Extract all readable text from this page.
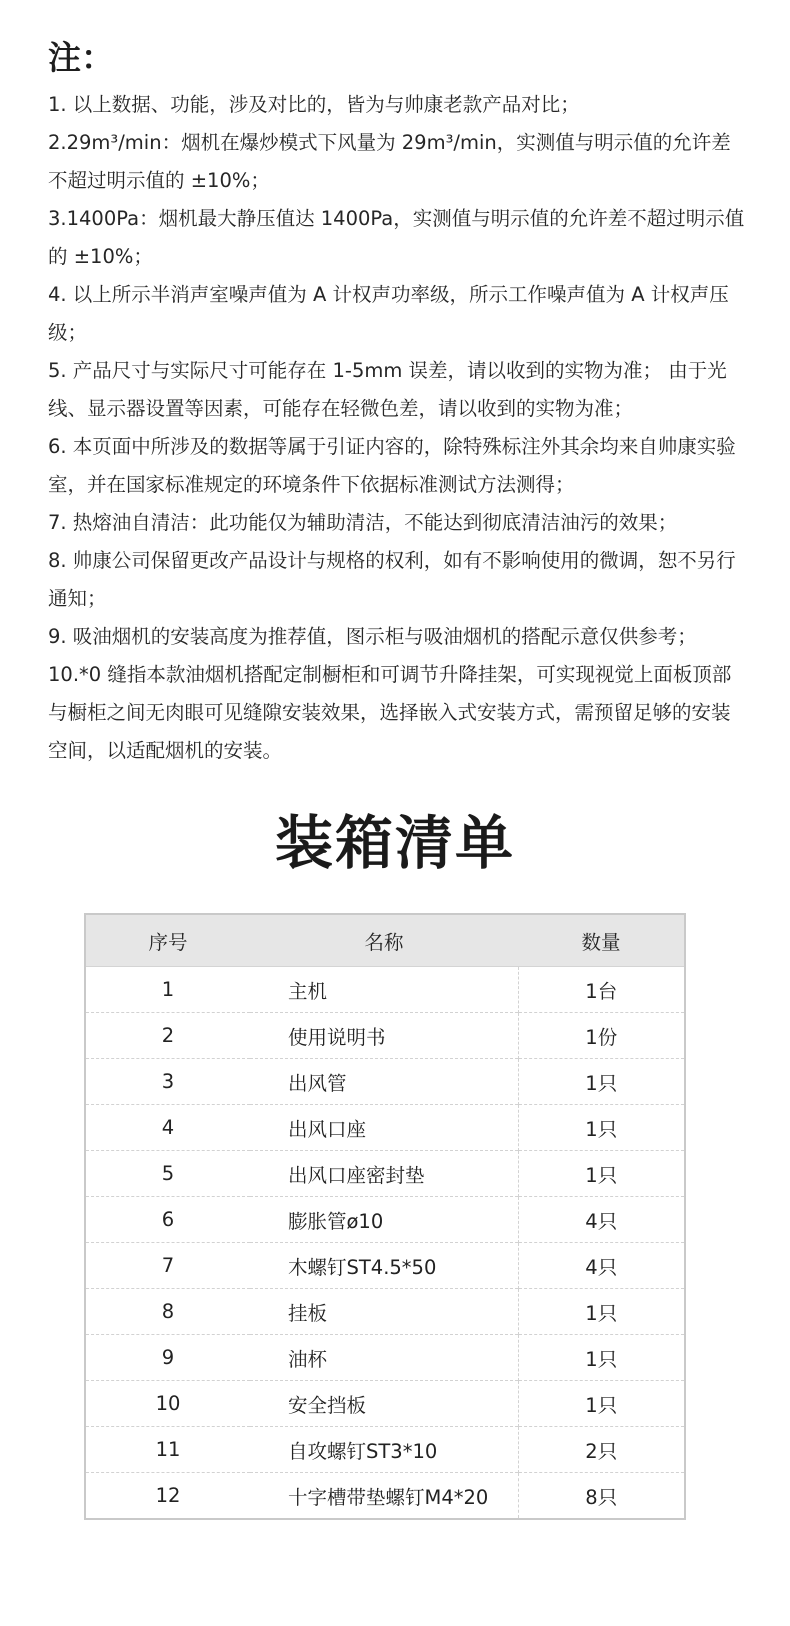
注：

1. 以上数据、功能，涉及对比的，皆为与帅康老款产品对比；

2.29m³/min：烟机在爆炒模式下风量为 29m³/min，实测值与明示值的允许差不超过明示值的 ±10%；

3.1400Pa：烟机最大静压值达 1400Pa，实测值与明示值的允许差不超过明示值的 ±10%；

4. 以上所示半消声室噪声值为 A 计权声功率级，所示工作噪声值为 A 计权声压级；

5. 产品尺寸与实际尺寸可能存在 1-5mm 误差，请以收到的实物为准； 由于光线、显示器设置等因素，可能存在轻微色差，请以收到的实物为准；

6. 本页面中所涉及的数据等属于引证内容的，除特殊标注外其余均来自帅康实验室，并在国家标准规定的环境条件下依据标准测试方法测得；

7. 热熔油自清洁：此功能仅为辅助清洁，不能达到彻底清洁油污的效果；

8. 帅康公司保留更改产品设计与规格的权利，如有不影响使用的微调，恕不另行通知；

9. 吸油烟机的安装高度为推荐值，图示柜与吸油烟机的搭配示意仅供参考；

10.*0 缝指本款油烟机搭配定制橱柜和可调节升降挂架，可实现视觉上面板顶部与橱柜之间无肉眼可见缝隙安装效果，选择嵌入式安装方式，需预留足够的安装空间，以适配烟机的安装。

装箱清单
序号	名称	数量
1	主机	1台
2	使用说明书	1份
3	出风管	1只
4	出风口座	1只
5	出风口座密封垫	1只
6	膨胀管ø10	4只
7	木螺钉ST4.5*50	4只
8	挂板	1只
9	油杯	1只
10	安全挡板	1只
11	自攻螺钉ST3*10	2只
12	十字槽带垫螺钉M4*20	8只
